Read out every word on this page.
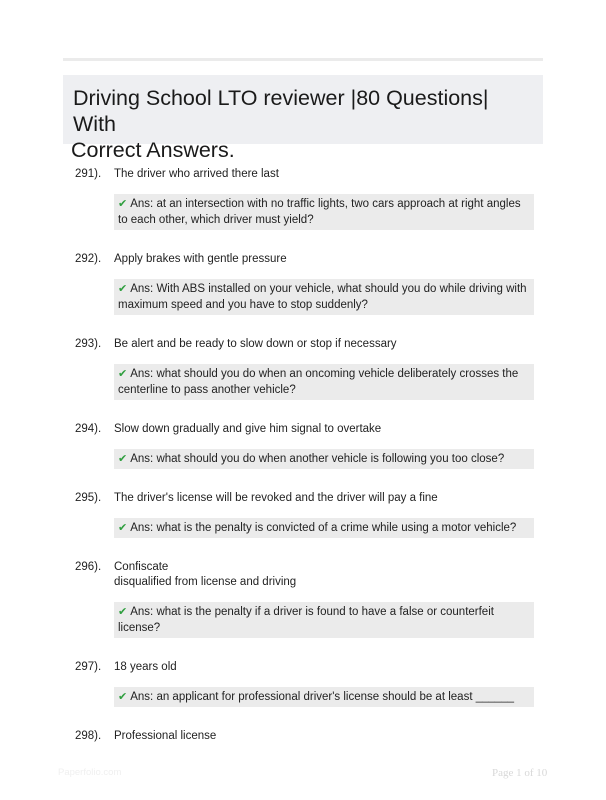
Driving School LTO reviewer |80 Questions| With
Correct Answers.
291). The driver who arrived there last
✔ Ans: at an intersection with no traffic lights, two cars approach at right angles to each other, which driver must yield?
292). Apply brakes with gentle pressure
✔ Ans: With ABS installed on your vehicle, what should you do while driving with maximum speed and you have to stop suddenly?
293). Be alert and be ready to slow down or stop if necessary
✔ Ans: what should you do when an oncoming vehicle deliberately crosses the centerline to pass another vehicle?
294). Slow down gradually and give him signal to overtake
✔ Ans: what should you do when another vehicle is following you too close?
295). The driver's license will be revoked and the driver will pay a fine
✔ Ans: what is the penalty is convicted of a crime while using a motor vehicle?
296). Confiscate
disqualified from license and driving
✔ Ans: what is the penalty if a driver is found to have a false or counterfeit license?
297). 18 years old
✔ Ans: an applicant for professional driver's license should be at least ______
298). Professional license
Paperfolio.com	Page 1 of 10
